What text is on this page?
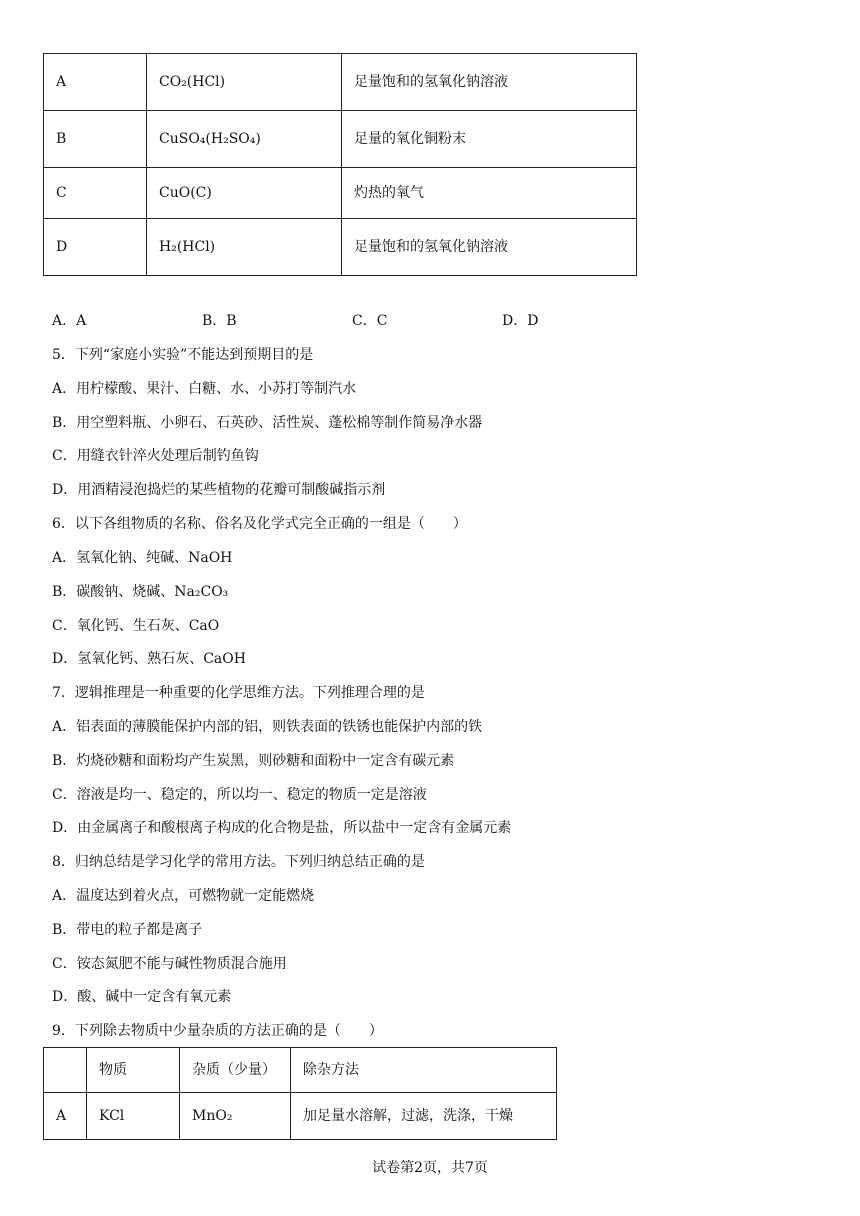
A	CO₂(HCl)	足量饱和的氢氧化钠溶液
B	CuSO₄(H₂SO₄)	足量的氧化铜粉末
C	CuO(C)	灼热的氧气
D	H₂(HCl)	足量饱和的氢氧化钠溶液
A．A	B．B	C．C	D．D
5．下列“家庭小实验”不能达到预期目的是
A．用柠檬酸、果汁、白糖、水、小苏打等制汽水
B．用空塑料瓶、小卵石、石英砂、活性炭、蓬松棉等制作简易净水器
C．用缝衣针淬火处理后制钓鱼钩
D．用酒精浸泡捣烂的某些植物的花瓣可制酸碱指示剂
6．以下各组物质的名称、俗名及化学式完全正确的一组是（　　）
A．氢氧化钠、纯碱、NaOH
B．碳酸钠、烧碱、Na₂CO₃
C．氧化钙、生石灰、CaO
D．氢氧化钙、熟石灰、CaOH
7．逻辑推理是一种重要的化学思维方法。下列推理合理的是
A．铝表面的薄膜能保护内部的铝，则铁表面的铁锈也能保护内部的铁
B．灼烧砂糖和面粉均产生炭黑，则砂糖和面粉中一定含有碳元素
C．溶液是均一、稳定的，所以均一、稳定的物质一定是溶液
D．由金属离子和酸根离子构成的化合物是盐，所以盐中一定含有金属元素
8．归纳总结是学习化学的常用方法。下列归纳总结正确的是
A．温度达到着火点，可燃物就一定能燃烧
B．带电的粒子都是离子
C．铵态氮肥不能与碱性物质混合施用
D．酸、碱中一定含有氧元素
9．下列除去物质中少量杂质的方法正确的是（　　）
	物质	杂质（少量）	除杂方法
A	KCl	MnO₂	加足量水溶解，过滤，洗涤，干燥
试卷第2页，共7页
